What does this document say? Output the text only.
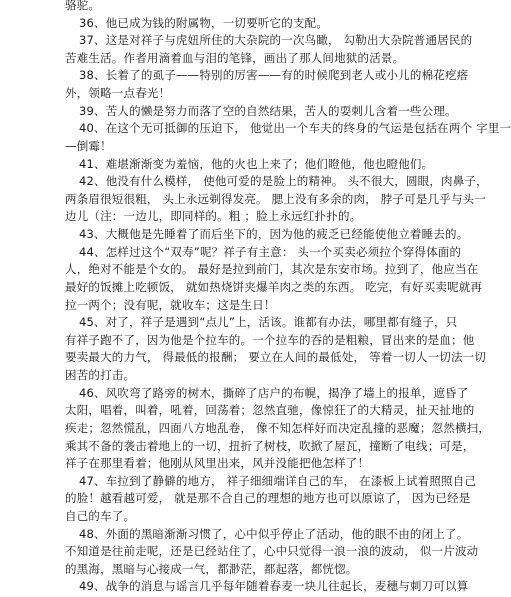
骆驼。
36、他已成为钱的附属物，一切要听它的支配。
37、这是对祥子与虎妞所住的大杂院的一次鸟瞰， 勾勒出大杂院普通居民的
苦难生活。作者用滴着血与泪的笔锋，画出了那人间地狱的活景。
38、长着了的虱子——特别的厉害——有的时候爬到老人或小儿的棉花疙瘩
外，领略一点春光！
39、苦人的懒是努力而落了空的自然结果，苦人的耍刺儿含着一些公理。
40、在这个无可抵御的压迫下， 他觉出一个车夫的终身的气运是包括在两个 字里一
—倒霉！
41、难堪渐渐变为羞恼，他的火也上来了；他们瞪他，他也瞪他们。
42、他没有什么模样， 使他可爱的是脸上的精神。 头不很大，圆眼，肉鼻子，
两条眉很短很粗， 头上永远剃得发亮。 腮上没有多余的肉， 脖子可是几乎与头一
边儿（注：一边儿，即同样的。粗 ；脸上永远红扑扑的。
43、大概他是先睡着了而后坐下的，因为他的疲乏已经能使他立着睡去的。
44、怎样过这个“双寿”呢？祥子有主意： 头一个买卖必须拉个穿得体面的
人，绝对不能是个女的。 最好是拉到前门，其次是东安市场。拉到了，他应当在
最好的饭摊上吃顿饭， 就如热烧饼夹爆羊肉之类的东西。 吃完，有好买卖呢就再
拉一两个；没有呢，就收车；这是生日！
45、对了，祥子是遇到“点儿”上，活该。谁都有办法，哪里都有缝子，只
有祥子跑不了，因为他是个拉车的。一个拉车的吞的是粗粮，冒出来的是血；他
要卖最大的力气， 得最低的报酬； 要立在人间的最低处， 等着一切人一切法一切
困苦的打击。
46、风吹弯了路旁的树木，撕碎了店户的布幌，揭净了墙上的报单，遮昏了
太阳，唱着，叫着，吼着，回荡着；忽然直驰，像惊狂了的大精灵，扯天扯地的
疾走；忽然慌乱，四面八方地乱卷， 像不知怎样好而决定乱撞的恶魔；忽然横扫，
乘其不备的袭击着地上的一切，扭折了树枝，吹掀了屋瓦，撞断了电线；可是，
祥子在那里看着；他刚从风里出来，风并没能把他怎样了！
47、车拉到了静僻的地方， 祥子细细端详自己的车， 在漆板上试着照照自己
的脸！越看越可爱， 就是那不合自己的理想的地方也可以原谅了， 因为已经是
自己的车了。
48、外面的黑暗渐渐习惯了，心中似乎停止了活动，他的眼不由的闭上了。
不知道是往前走呢，还是已经站住了，心中只觉得一浪一浪的波动， 似一片波动
的黑海，黑暗与心接成一气，都渺茫，都起落，都恍惚。
49、战争的消息与谣言几乎每年随着春麦一块儿往起长，麦穗与刺刀可以算
